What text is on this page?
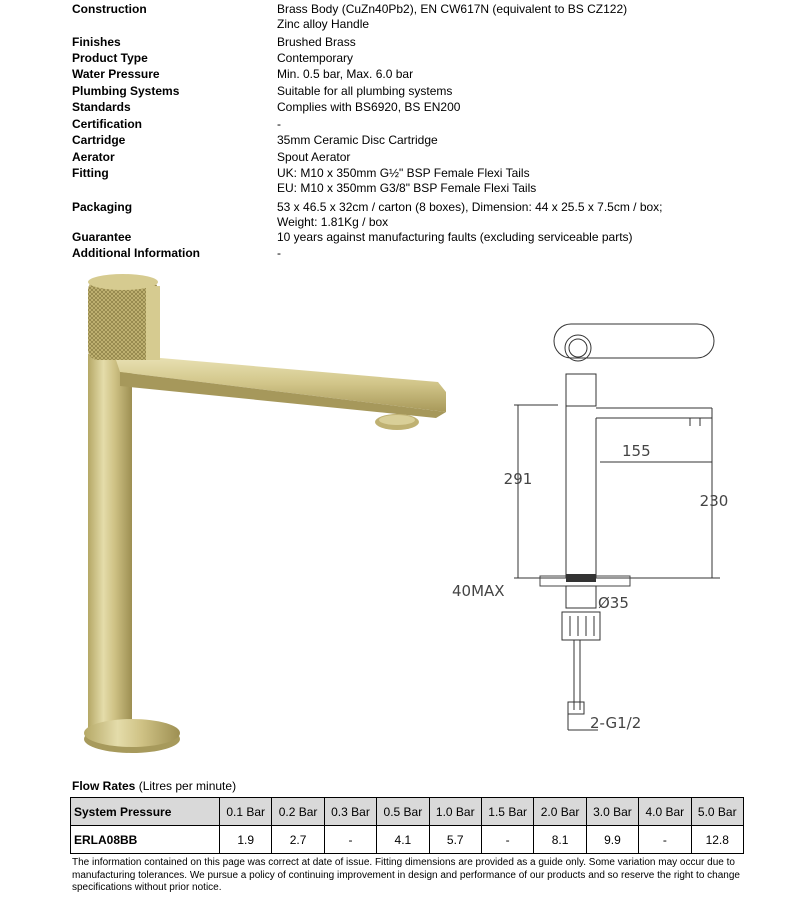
Construction	Brass Body (CuZn40Pb2), EN CW617N (equivalent to BS CZ122)
Zinc alloy Handle
Finishes	Brushed Brass
Product Type	Contemporary
Water Pressure	Min. 0.5 bar, Max. 6.0 bar
Plumbing Systems	Suitable for all plumbing systems
Standards	Complies with BS6920, BS EN200
Certification	-
Cartridge	35mm Ceramic Disc Cartridge
Aerator	Spout Aerator
Fitting	UK: M10 x 350mm G½" BSP Female Flexi Tails
EU: M10 x 350mm G3/8" BSP Female Flexi Tails
Packaging	53 x 46.5 x 32cm / carton (8 boxes), Dimension: 44 x 25.5 x 7.5cm / box;
Weight: 1.81Kg / box
Guarantee	10 years against manufacturing faults (excluding serviceable parts)
Additional Information	-
155
291
230
40MAX
Ø35
2-G1/2
Flow Rates (Litres per minute)
System Pressure	0.1 Bar	0.2 Bar	0.3 Bar	0.5 Bar	1.0 Bar	1.5 Bar	2.0 Bar	3.0 Bar	4.0 Bar	5.0 Bar
ERLA08BB	1.9	2.7	-	4.1	5.7	-	8.1	9.9	-	12.8
The information contained on this page was correct at date of issue. Fitting dimensions are provided as a guide only. Some variation may occur due to manufacturing tolerances. We pursue a policy of continuing improvement in design and performance of our products and so reserve the right to change specifications without prior notice.
